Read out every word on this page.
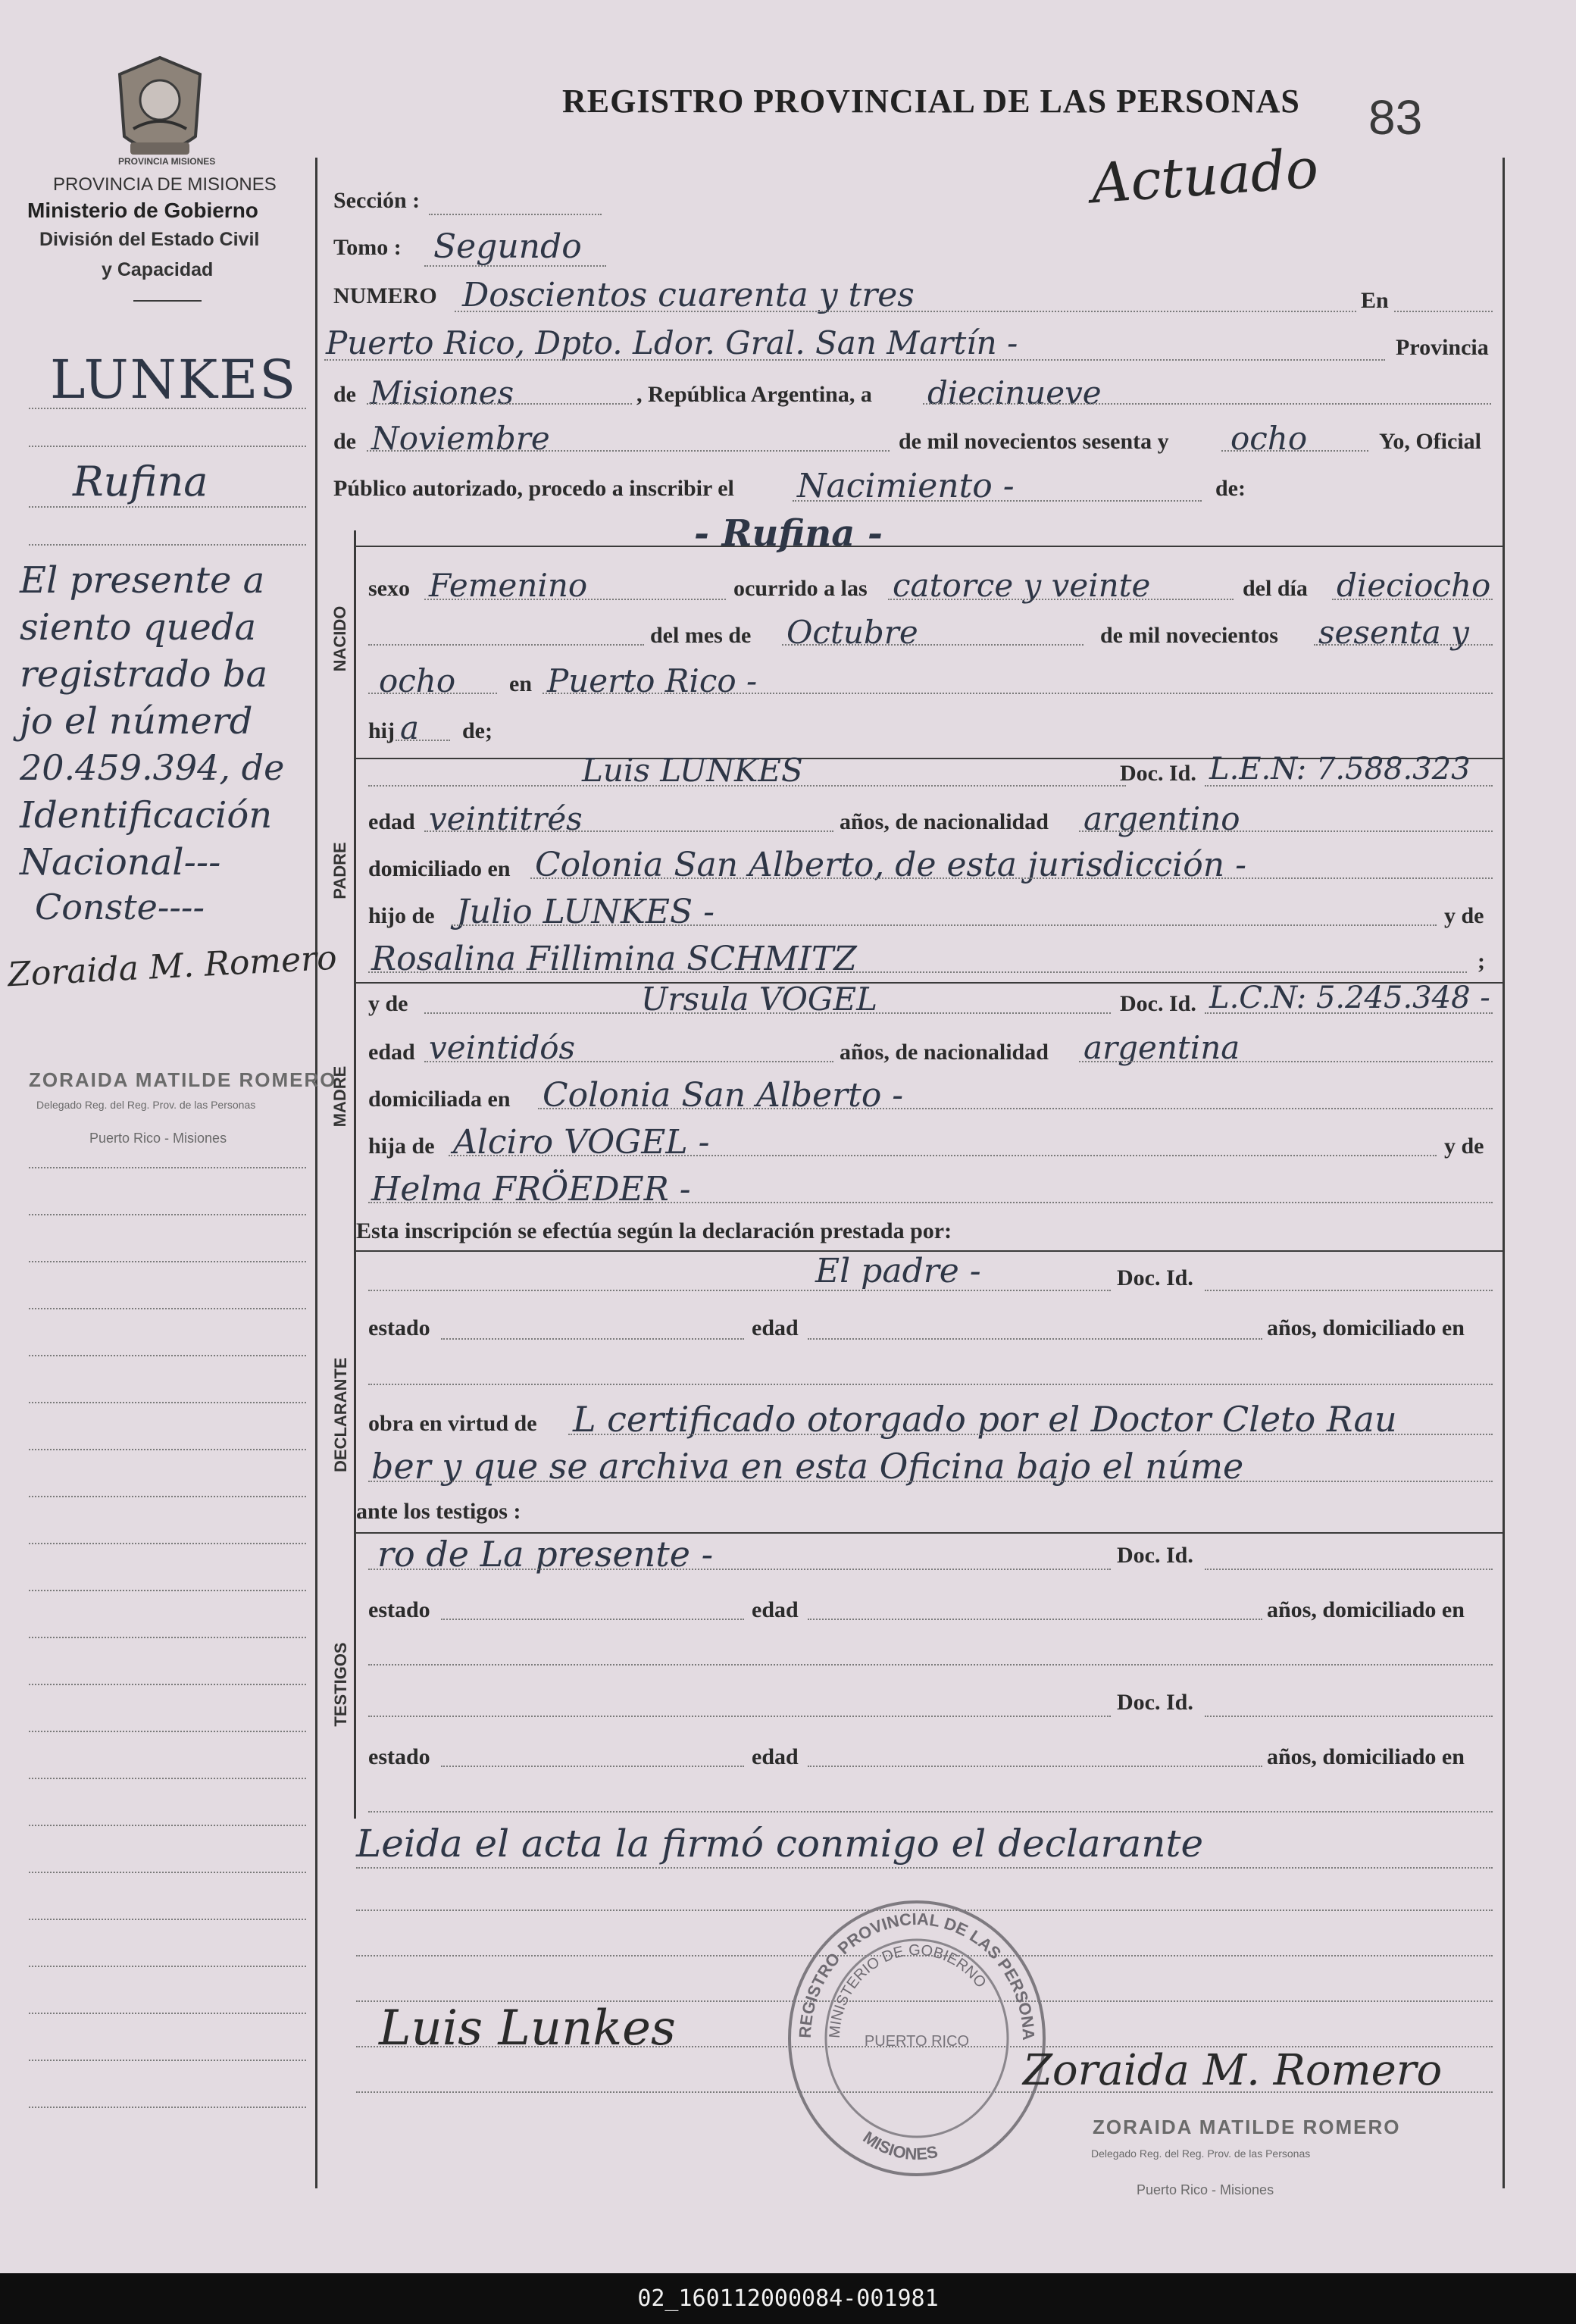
PROVINCIA MISIONES
PROVINCIA DE MISIONES
Ministerio de Gobierno
División del Estado Civil
y Capacidad
REGISTRO PROVINCIAL DE LAS PERSONAS 83
Actuado
LUNKES
Rufina
El presente a
siento queda
registrado ba
jo el númerd
20.459.394, de
Identificación
Nacional---
Conste----
Zoraida M. Romero
ZORAIDA MATILDE ROMERO
Delegado Reg. del Reg. Prov. de las Personas
Puerto Rico - Misiones
Sección :
Tomo : Segundo
NUMERO Doscientos cuarenta y tres	En
Puerto Rico, Dpto. Ldor. Gral. San Martín -	Provincia
de Misiones	, República Argentina, a diecinueve
de Noviembre	de mil novecientos sesenta y ocho	Yo, Oficial
Público autorizado, procedo a inscribir el Nacimiento -	de:
NACIDO
- Rufina -
sexo Femenino	ocurrido a las catorce y veinte	del día dieciocho
del mes de Octubre	de mil novecientos sesenta y
ocho en Puerto Rico -
hij a de;
PADRE
Luis LUNKES	Doc. Id. L.E.N: 7.588.323
edad veintitrés	años, de nacionalidad argentino
domiciliado en Colonia San Alberto, de esta jurisdicción -
hijo de Julio LUNKES -	y de
Rosalina Fillimina SCHMITZ	;
MADRE
y de	Ursula VOGEL	Doc. Id. L.C.N: 5.245.348 -
edad veintidós	años, de nacionalidad argentina
domiciliada en Colonia San Alberto -
hija de Alciro VOGEL -	y de
Helma FRÖEDER -
Esta inscripción se efectúa según la declaración prestada por:
DECLARANTE
El padre -	Doc. Id.
estado	edad	años, domiciliado en
obra en virtud de L certificado otorgado por el Doctor Cleto Rau
ber y que se archiva en esta Oficina bajo el núme
ante los testigos :
TESTIGOS
ro de La presente -	Doc. Id.
estado	edad	años, domiciliado en
Doc. Id.
estado	edad	años, domiciliado en
Leida el acta la firmó conmigo el declarante
REGISTRO PROVINCIAL DE LAS PERSONA
MINISTERIO DE GOBIERNO
MISIONES
PUERTO RICO
Luis Lunkes
Zoraida M. Romero
ZORAIDA MATILDE ROMERO
Delegado Reg. del Reg. Prov. de las Personas
Puerto Rico - Misiones
02_160112000084-001981
